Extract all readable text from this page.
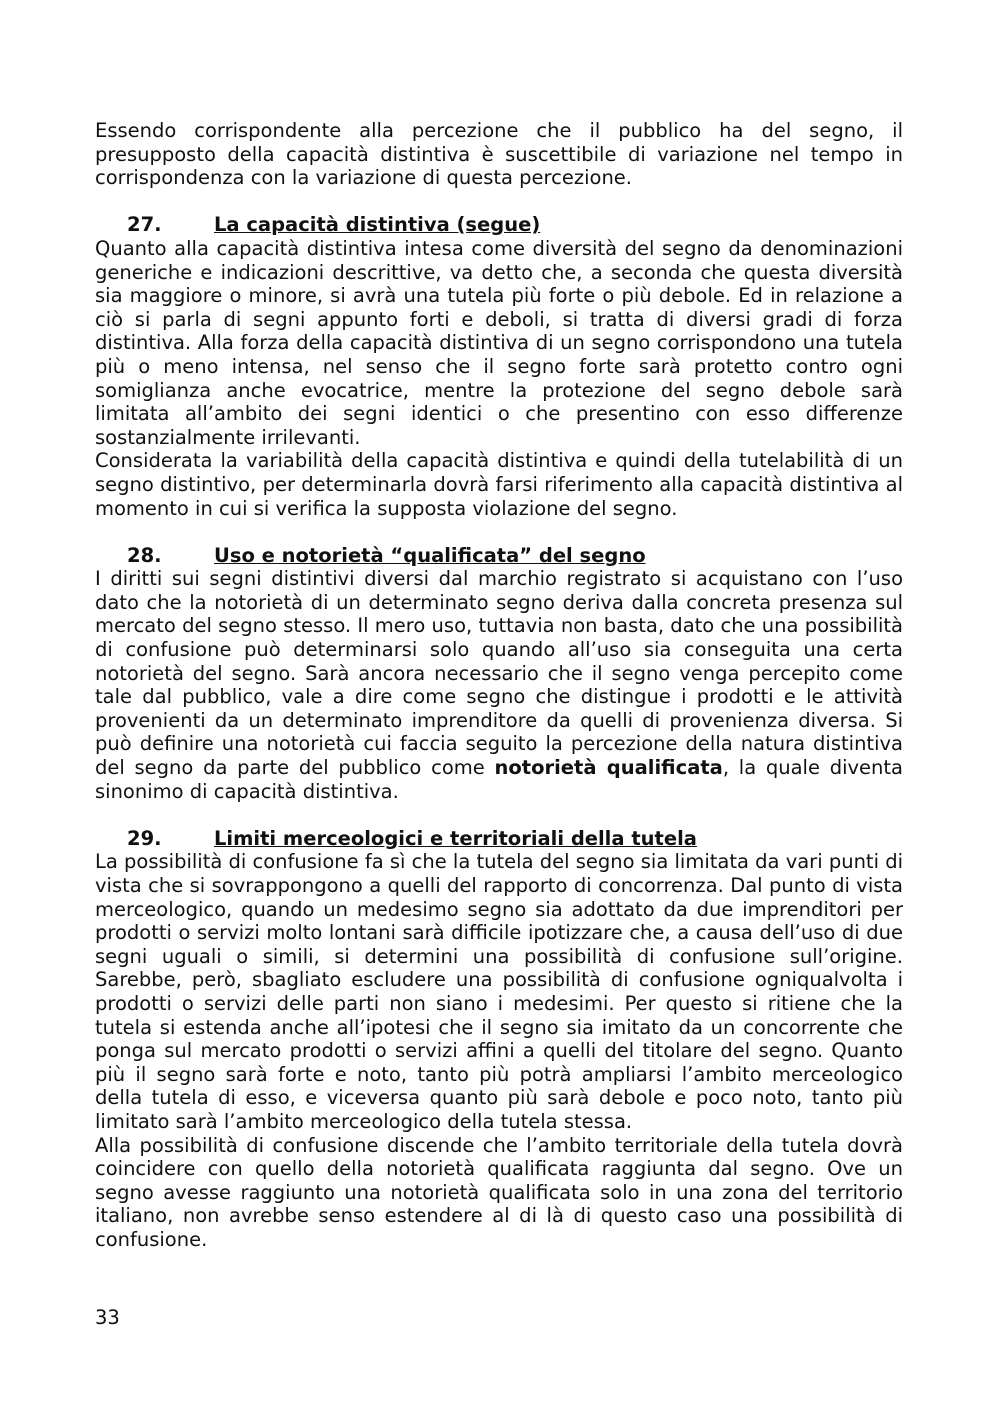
Essendo corrispondente alla percezione che il pubblico ha del segno, il presupposto della capacità distintiva è suscettibile di variazione nel tempo in corrispondenza con la variazione di questa percezione.

27.	La capacità distintiva (segue)

Quanto alla capacità distintiva intesa come diversità del segno da denominazioni generiche e indicazioni descrittive, va detto che, a seconda che questa diversità sia maggiore o minore, si avrà una tutela più forte o più debole. Ed in relazione a ciò si parla di segni appunto forti e deboli, si tratta di diversi gradi di forza distintiva. Alla forza della capacità distintiva di un segno corrispondono una tutela più o meno intensa, nel senso che il segno forte sarà protetto contro ogni somiglianza anche evocatrice, mentre la protezione del segno debole sarà limitata all’ambito dei segni identici o che presentino con esso differenze sostanzialmente irrilevanti.

Considerata la variabilità della capacità distintiva e quindi della tutelabilità di un segno distintivo, per determinarla dovrà farsi riferimento alla capacità distintiva al momento in cui si verifica la supposta violazione del segno.

28.	Uso e notorietà “qualificata” del segno

I diritti sui segni distintivi diversi dal marchio registrato si acquistano con l’uso dato che la notorietà di un determinato segno deriva dalla concreta presenza sul mercato del segno stesso. Il mero uso, tuttavia non basta, dato che una possibilità di confusione può determinarsi solo quando all’uso sia conseguita una certa notorietà del segno. Sarà ancora necessario che il segno venga percepito come tale dal pubblico, vale a dire come segno che distingue i prodotti e le attività provenienti da un determinato imprenditore da quelli di provenienza diversa. Si può definire una notorietà cui faccia seguito la percezione della natura distintiva del segno da parte del pubblico come notorietà qualificata, la quale diventa sinonimo di capacità distintiva.

29.	Limiti merceologici e territoriali della tutela

La possibilità di confusione fa sì che la tutela del segno sia limitata da vari punti di vista che si sovrappongono a quelli del rapporto di concorrenza. Dal punto di vista merceologico, quando un medesimo segno sia adottato da due imprenditori per prodotti o servizi molto lontani sarà difficile ipotizzare che, a causa dell’uso di due segni uguali o simili, si determini una possibilità di confusione sull’origine. Sarebbe, però, sbagliato escludere una possibilità di confusione ogniqualvolta i prodotti o servizi delle parti non siano i medesimi. Per questo si ritiene che la tutela si estenda anche all’ipotesi che il segno sia imitato da un concorrente che ponga sul mercato prodotti o servizi affini a quelli del titolare del segno. Quanto più il segno sarà forte e noto, tanto più potrà ampliarsi l’ambito merceologico della tutela di esso, e viceversa quanto più sarà debole e poco noto, tanto più limitato sarà l’ambito merceologico della tutela stessa.

Alla possibilità di confusione discende che l’ambito territoriale della tutela dovrà coincidere con quello della notorietà qualificata raggiunta dal segno. Ove un segno avesse raggiunto una notorietà qualificata solo in una zona del territorio italiano, non avrebbe senso estendere al di là di questo caso una possibilità di confusione.

33
